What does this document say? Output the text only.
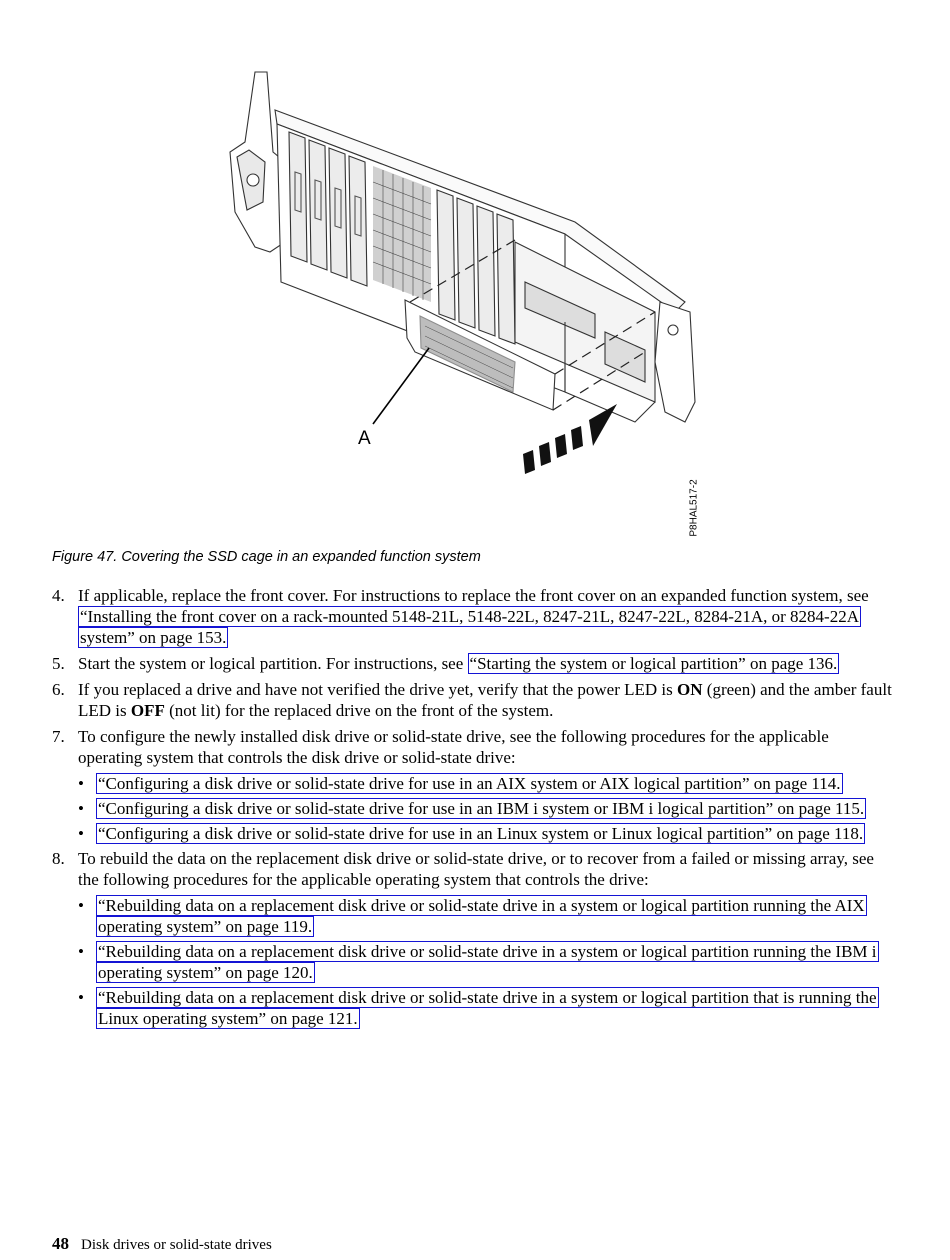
A
P8HAL517-2
Figure 47. Covering the SSD cage in an expanded function system
4. If applicable, replace the front cover. For instructions to replace the front cover on an expanded function system, see “Installing the front cover on a rack-mounted 5148-21L, 5148-22L, 8247-21L, 8247-22L, 8284-21A, or 8284-22A system” on page 153.
5. Start the system or logical partition. For instructions, see “Starting the system or logical partition” on page 136.
6. If you replaced a drive and have not verified the drive yet, verify that the power LED is ON (green) and the amber fault LED is OFF (not lit) for the replaced drive on the front of the system.
7. To configure the newly installed disk drive or solid-state drive, see the following procedures for the applicable operating system that controls the disk drive or solid-state drive:
• “Configuring a disk drive or solid-state drive for use in an AIX system or AIX logical partition” on page 114.
• “Configuring a disk drive or solid-state drive for use in an IBM i system or IBM i logical partition” on page 115.
• “Configuring a disk drive or solid-state drive for use in an Linux system or Linux logical partition” on page 118.
8. To rebuild the data on the replacement disk drive or solid-state drive, or to recover from a failed or missing array, see the following procedures for the applicable operating system that controls the drive:
• “Rebuilding data on a replacement disk drive or solid-state drive in a system or logical partition running the AIX operating system” on page 119.
• “Rebuilding data on a replacement disk drive or solid-state drive in a system or logical partition running the IBM i operating system” on page 120.
• “Rebuilding data on a replacement disk drive or solid-state drive in a system or logical partition that is running the Linux operating system” on page 121.
48 Disk drives or solid-state drives
